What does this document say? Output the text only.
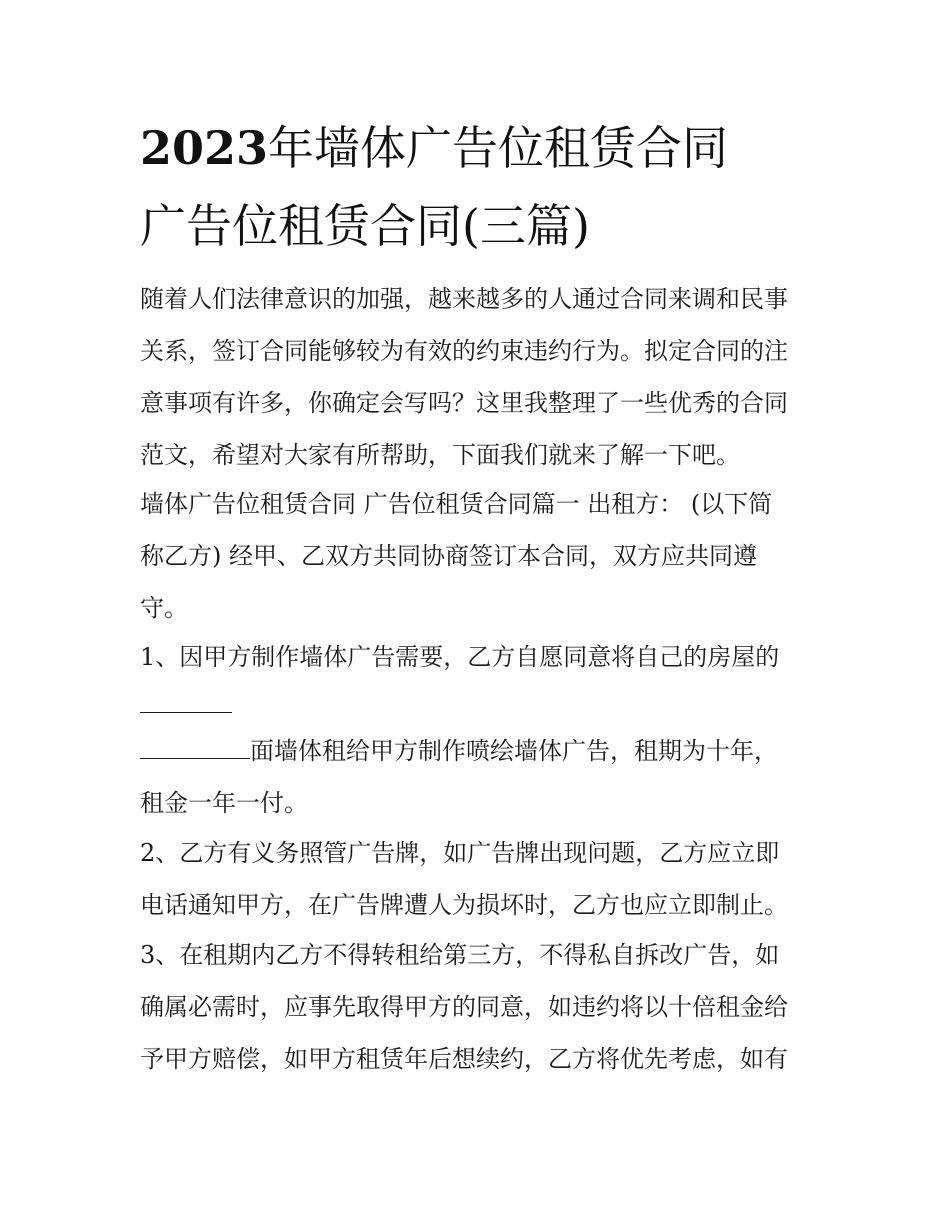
2023年墙体广告位租赁合同
广告位租赁合同(三篇)

随着人们法律意识的加强，越来越多的人通过合同来调和民事

关系，签订合同能够较为有效的约束违约行为。拟定合同的注

意事项有许多，你确定会写吗？这里我整理了一些优秀的合同

范文，希望对大家有所帮助，下面我们就来了解一下吧。

墙体广告位租赁合同 广告位租赁合同篇一 出租方： (以下简

称乙方) 经甲、乙双方共同协商签订本合同，双方应共同遵

守。

1、因甲方制作墙体广告需要，乙方自愿同意将自己的房屋的

面墙体租给甲方制作喷绘墙体广告，租期为十年，

租金一年一付。

2、乙方有义务照管广告牌，如广告牌出现问题，乙方应立即

电话通知甲方，在广告牌遭人为损坏时，乙方也应立即制止。

3、在租期内乙方不得转租给第三方，不得私自拆改广告，如

确属必需时，应事先取得甲方的同意，如违约将以十倍租金给

予甲方赔偿，如甲方租赁年后想续约，乙方将优先考虑，如有
